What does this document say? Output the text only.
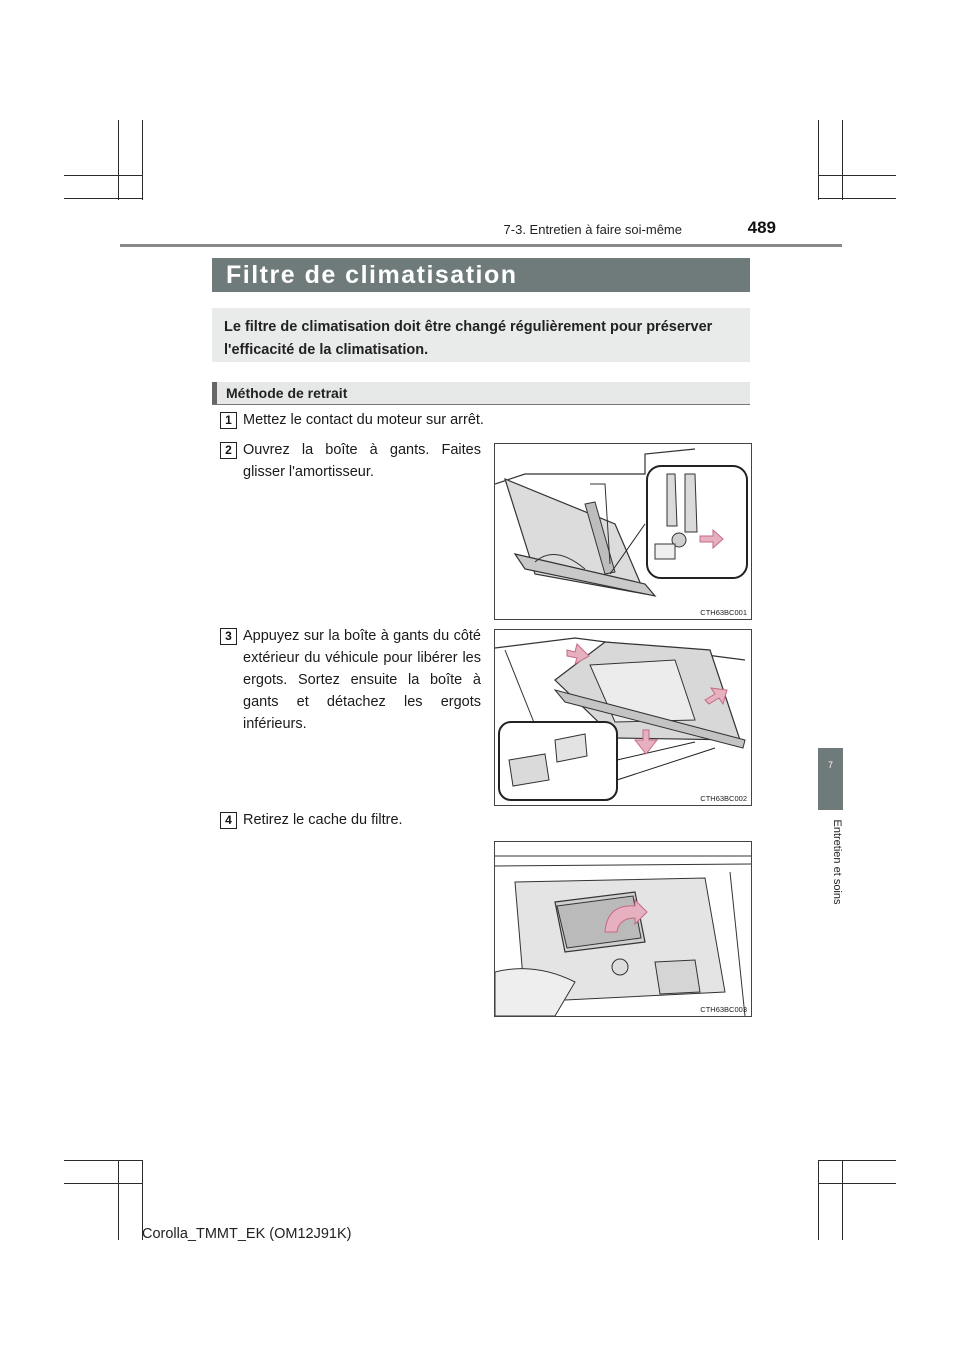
7-3. Entretien à faire soi-même	489
Filtre de climatisation
Le filtre de climatisation doit être changé régulièrement pour préserver l'efficacité de la climatisation.
Méthode de retrait
1 Mettez le contact du moteur sur arrêt.
2 Ouvrez la boîte à gants. Faites glisser l'amortisseur.
CTH63BC001
3 Appuyez sur la boîte à gants du côté extérieur du véhicule pour libérer les ergots. Sortez ensuite la boîte à gants et détachez les ergots inférieurs.
CTH63BC002
4 Retirez le cache du filtre.
CTH63BC003
7
Entretien et soins
Corolla_TMMT_EK (OM12J91K)
